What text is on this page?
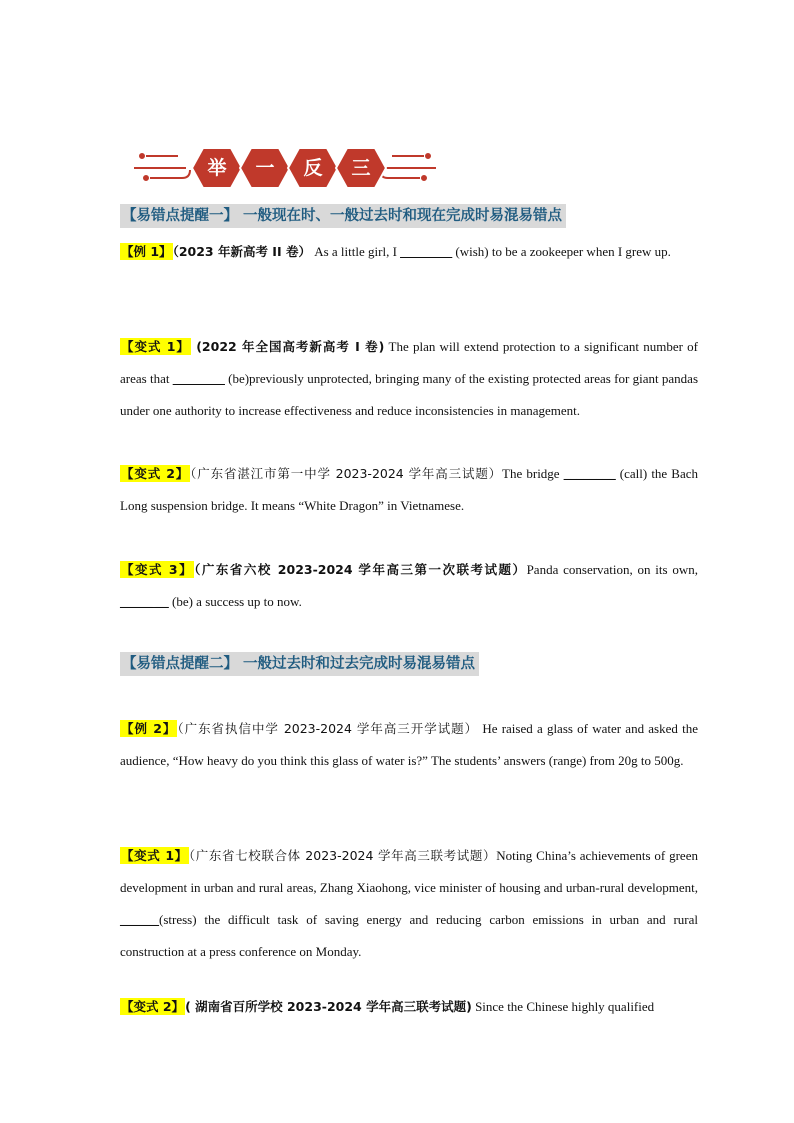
举	一	反	三
【易错点提醒一】 一般现在时、一般过去时和现在完成时易混易错点
【例 1】（2023 年新高考 II 卷） As a little girl, I ________ (wish) to be a zookeeper when I grew up.
【变式 1】 (2022 年全国高考新高考 I 卷) The plan will extend protection to a significant number of areas that ________ (be)previously unprotected, bringing many of the existing protected areas for giant pandas under one authority to increase effectiveness and reduce inconsistencies in management.
【变式 2】（广东省湛江市第一中学 2023-2024 学年高三试题）The bridge ________ (call) the Bach Long suspension bridge. It means “White Dragon” in Vietnamese.
【变式 3】（广东省六校 2023-2024 学年高三第一次联考试题）Panda conservation, on its own, _____ __ (be) a success up to now.
【易错点提醒二】 一般过去时和过去完成时易混易错点
【例 2】（广东省执信中学 2023-2024 学年高三开学试题） He raised a glass of water and asked the audience, “How heavy do you think this glass of water is?” The students’ answers (range) from 20g to 500g.
【变式 1】（广东省七校联合体 2023-2024 学年高三联考试题）Noting China’s achievements of green development in urban and rural areas, Zhang Xiaohong, vice minister of housing and urban-rural development, ______(stress) the difficult task of saving energy and reducing carbon emissions in urban and rural construction at a press conference on Monday.
【变式 2】( 湖南省百所学校 2023-2024 学年高三联考试题) Since the Chinese highly qualified
